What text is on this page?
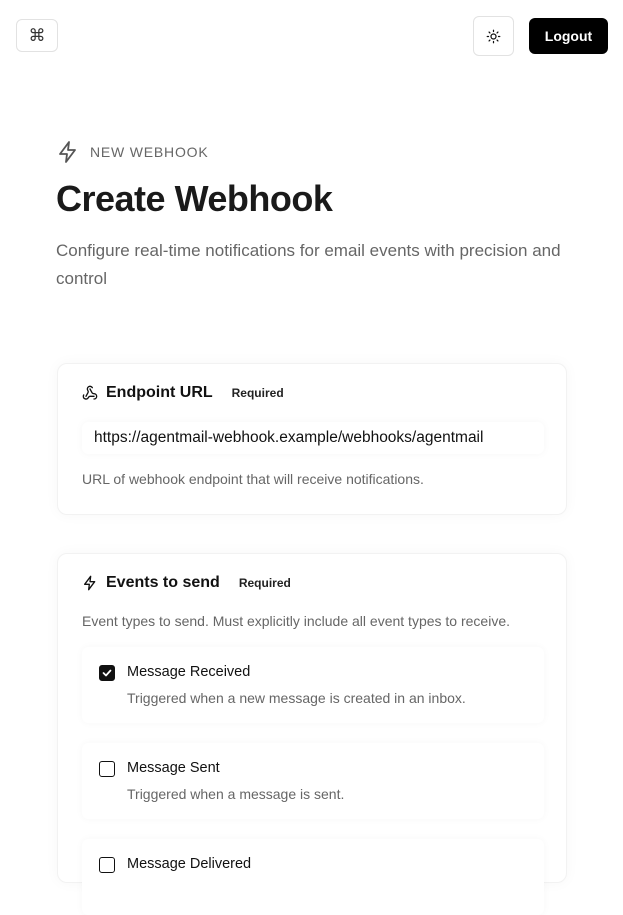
⌘	Logout
NEW WEBHOOK
Create Webhook

Configure real-time notifications for email events with precision and control

Endpoint URL Required
https://agentmail-webhook.example/webhooks/agentmail
URL of webhook endpoint that will receive notifications.
Events to send Required
Event types to send. Must explicitly include all event types to receive.
Message Received
Triggered when a new message is created in an inbox.
Message Sent
Triggered when a message is sent.
Message Delivered
